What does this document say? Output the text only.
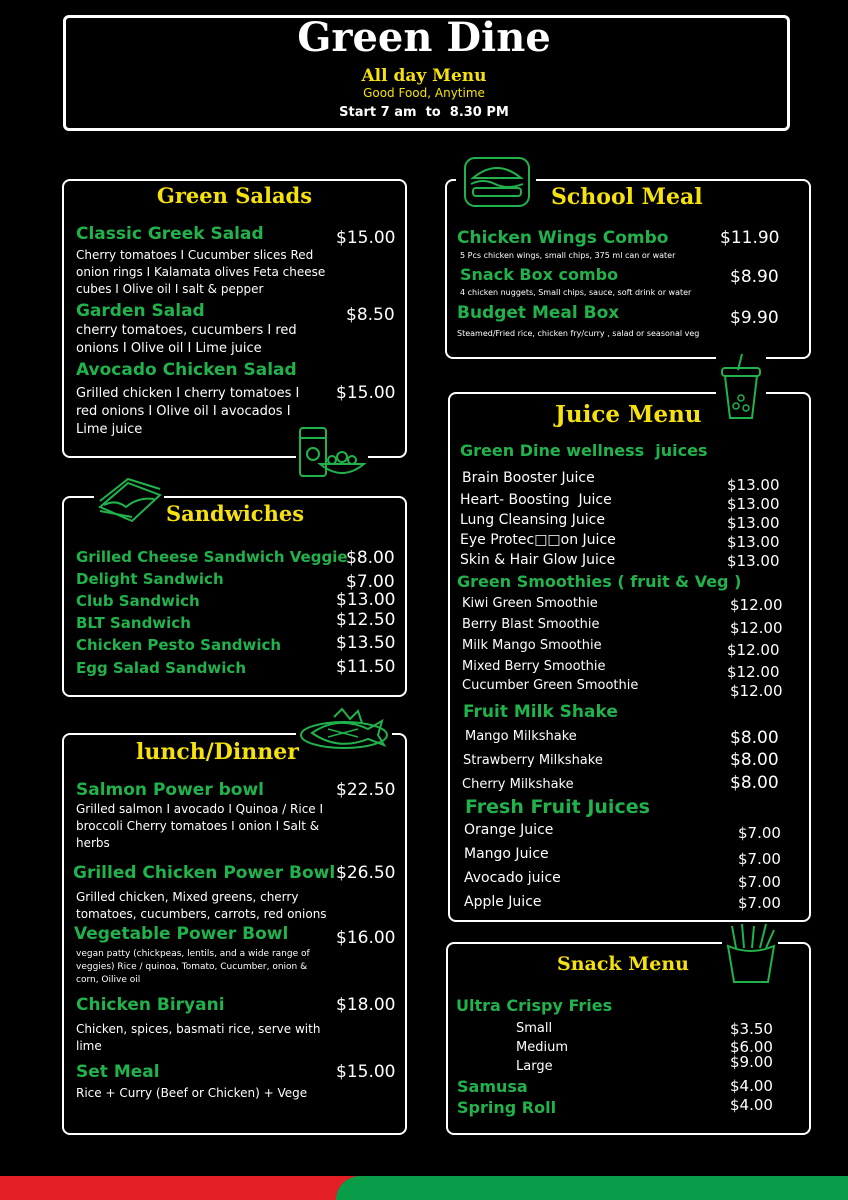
Green Dine
All day Menu
Good Food, Anytime
Start 7 am  to  8.30 PM
Green Salads
Classic Greek Salad	$15.00
Cherry tomatoes I Cucumber slices Red onion rings I Kalamata olives Feta cheese cubes I Olive oil I salt & pepper
Garden Salad	$8.50
cherry tomatoes, cucumbers I red onions I Olive oil I Lime juice
Avocado Chicken Salad
$15.00
Grilled chicken I cherry tomatoes I red onions I Olive oil I avocados I Lime juice
Sandwiches
Grilled Cheese Sandwich Veggie
$8.00
Delight Sandwich	$7.00
Club Sandwich	$13.00
BLT Sandwich	$12.50
Chicken Pesto Sandwich	$13.50
Egg Salad Sandwich	$11.50
lunch/Dinner
Salmon Power bowl	$22.50
Grilled salmon I avocado I Quinoa / Rice I broccoli Cherry tomatoes I onion I Salt & herbs
Grilled Chicken Power Bowl $26.50
Grilled chicken, Mixed greens, cherry tomatoes, cucumbers, carrots, red onions
Vegetable Power Bowl	$16.00
vegan patty (chickpeas, lentils, and a wide range of veggies) Rice / quinoa, Tomato, Cucumber, onion & corn, Oilive oil
Chicken Biryani	$18.00
Chicken, spices, basmati rice, serve with lime
Set Meal	$15.00
Rice + Curry (Beef or Chicken) + Vege
School Meal
Chicken Wings Combo	$11.90
5 Pcs chicken wings, small chips, 375 ml can or water
Snack Box combo	$8.90
4 chicken nuggets, Small chips, sauce, soft drink or water
Budget Meal Box	$9.90
Steamed/Fried rice, chicken fry/curry , salad or seasonal veg
Juice Menu
Green Dine wellness  juices
Brain Booster Juice	$13.00
Heart- Boosting  Juice	$13.00
Lung Cleansing Juice	$13.00
Eye Protec□□on Juice	$13.00
Skin & Hair Glow Juice	$13.00
Green Smoothies ( fruit & Veg )
Kiwi Green Smoothie	$12.00
Berry Blast Smoothie	$12.00
Milk Mango Smoothie	$12.00
Mixed Berry Smoothie	$12.00
Cucumber Green Smoothie	$12.00
Fruit Milk Shake
Mango Milkshake	$8.00
Strawberry Milkshake	$8.00
Cherry Milkshake	$8.00
Fresh Fruit Juices
Orange Juice	$7.00
Mango Juice	$7.00
Avocado juice	$7.00
Apple Juice	$7.00
Snack Menu
Ultra Crispy Fries
Small	$3.50
Medium	$6.00
Large	$9.00
Samusa	$4.00
Spring Roll	$4.00
